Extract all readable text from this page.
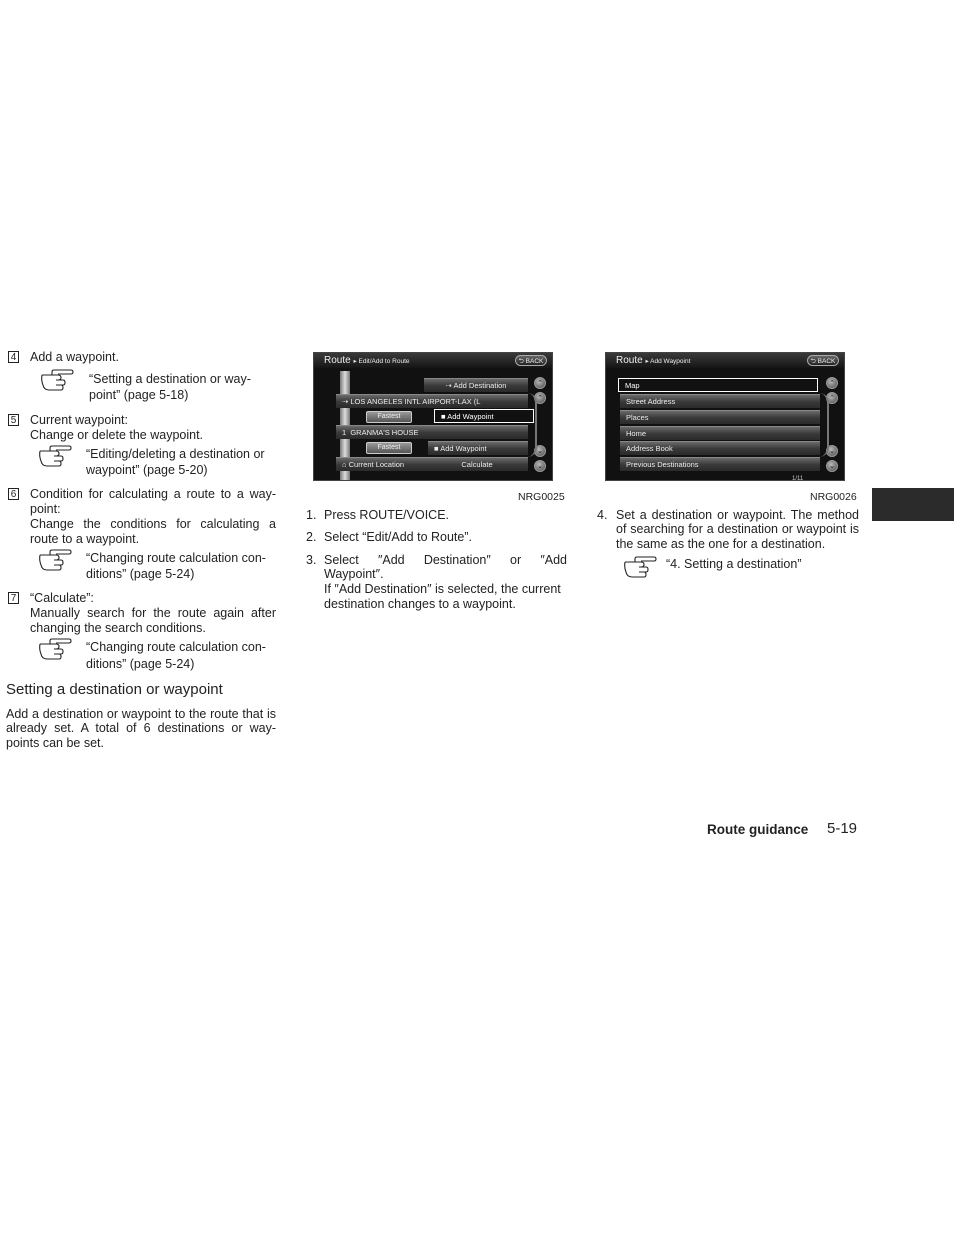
4 Add a waypoint.
“Setting a destination or way-
point” (page 5-18)
5 Current waypoint:
Change or delete the waypoint.
“Editing/deleting a destination or
waypoint” (page 5-20)
6 Condition for calculating a route to a way-
point:
Change the conditions for calculating a
route to a waypoint.
“Changing route calculation con-
ditions” (page 5-24)
7 “Calculate”:
Manually search for the route again after
changing the search conditions.
“Changing route calculation con-
ditions” (page 5-24)
Setting a destination or waypoint
Add a destination or waypoint to the route that is
already set. A total of 6 destinations or way-
points can be set.
Route ▸ Edit/Add to Route	⮌ BACK
⇢ Add Destination
⇢ LOS ANGELES INTL AIRPORT-LAX (L
Fastest	■ Add Waypoint
1 GRANMA'S HOUSE
Fastest	■ Add Waypoint
⌂ Current Location	Calculate
⌃
⌃
⌄
⌄
NRG0025
Route ▸ Add Waypoint	⮌ BACK
Map
Street Address
Places
Home
Address Book
Previous Destinations
1/11
⌃
⌃
⌄
⌄
NRG0026
1. Press ROUTE/VOICE.
2. Select “Edit/Add to Route”.
3. Select ″Add Destination″ or ″Add
Waypoint″.
If ″Add Destination″ is selected, the current
destination changes to a waypoint.
4. Set a destination or waypoint. The method
of searching for a destination or waypoint is
the same as the one for a destination.
“4. Setting a destination”
Route guidance 5-19
